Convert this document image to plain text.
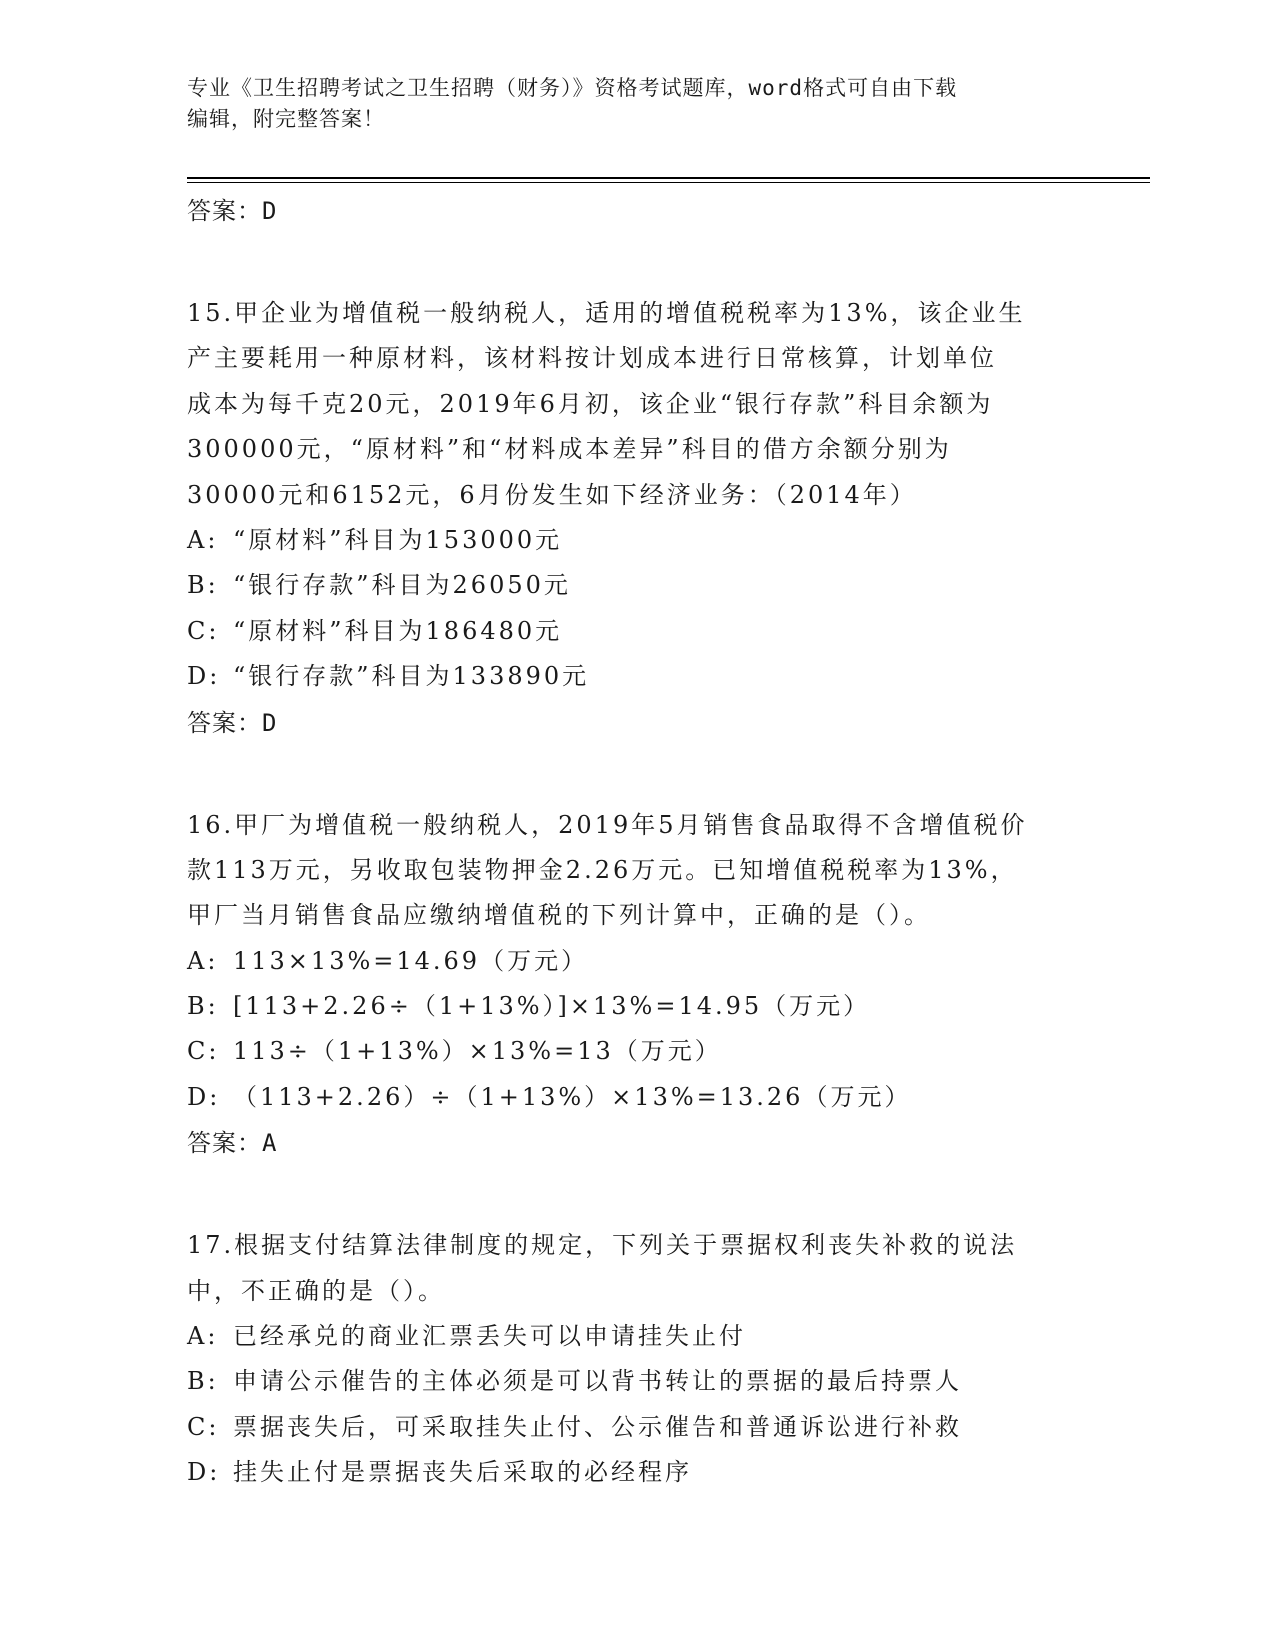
专业《卫生招聘考试之卫生招聘（财务）》资格考试题库，word格式可自由下载
编辑，附完整答案！
答案：D
15.甲企业为增值税一般纳税人，适用的增值税税率为13%，该企业生
产主要耗用一种原材料，该材料按计划成本进行日常核算，计划单位
成本为每千克20元，2019年6月初，该企业“银行存款”科目余额为
300000元，“原材料”和“材料成本差异”科目的借方余额分别为
30000元和6152元，6月份发生如下经济业务：（2014年）
A: “原材料”科目为153000元
B: “银行存款”科目为26050元
C: “原材料”科目为186480元
D: “银行存款”科目为133890元
答案：D
16.甲厂为增值税一般纳税人，2019年5月销售食品取得不含增值税价
款113万元，另收取包装物押金2.26万元。已知增值税税率为13%，
甲厂当月销售食品应缴纳增值税的下列计算中，正确的是（）。
A: 113×13%=14.69（万元）
B: [113+2.26÷（1+13%）]×13%=14.95（万元）
C: 113÷（1+13%）×13%=13（万元）
D: （113+2.26）÷（1+13%）×13%=13.26（万元）
答案：A
17.根据支付结算法律制度的规定，下列关于票据权利丧失补救的说法
中，不正确的是（）。
A: 已经承兑的商业汇票丢失可以申请挂失止付
B: 申请公示催告的主体必须是可以背书转让的票据的最后持票人
C: 票据丧失后，可采取挂失止付、公示催告和普通诉讼进行补救
D: 挂失止付是票据丧失后采取的必经程序
